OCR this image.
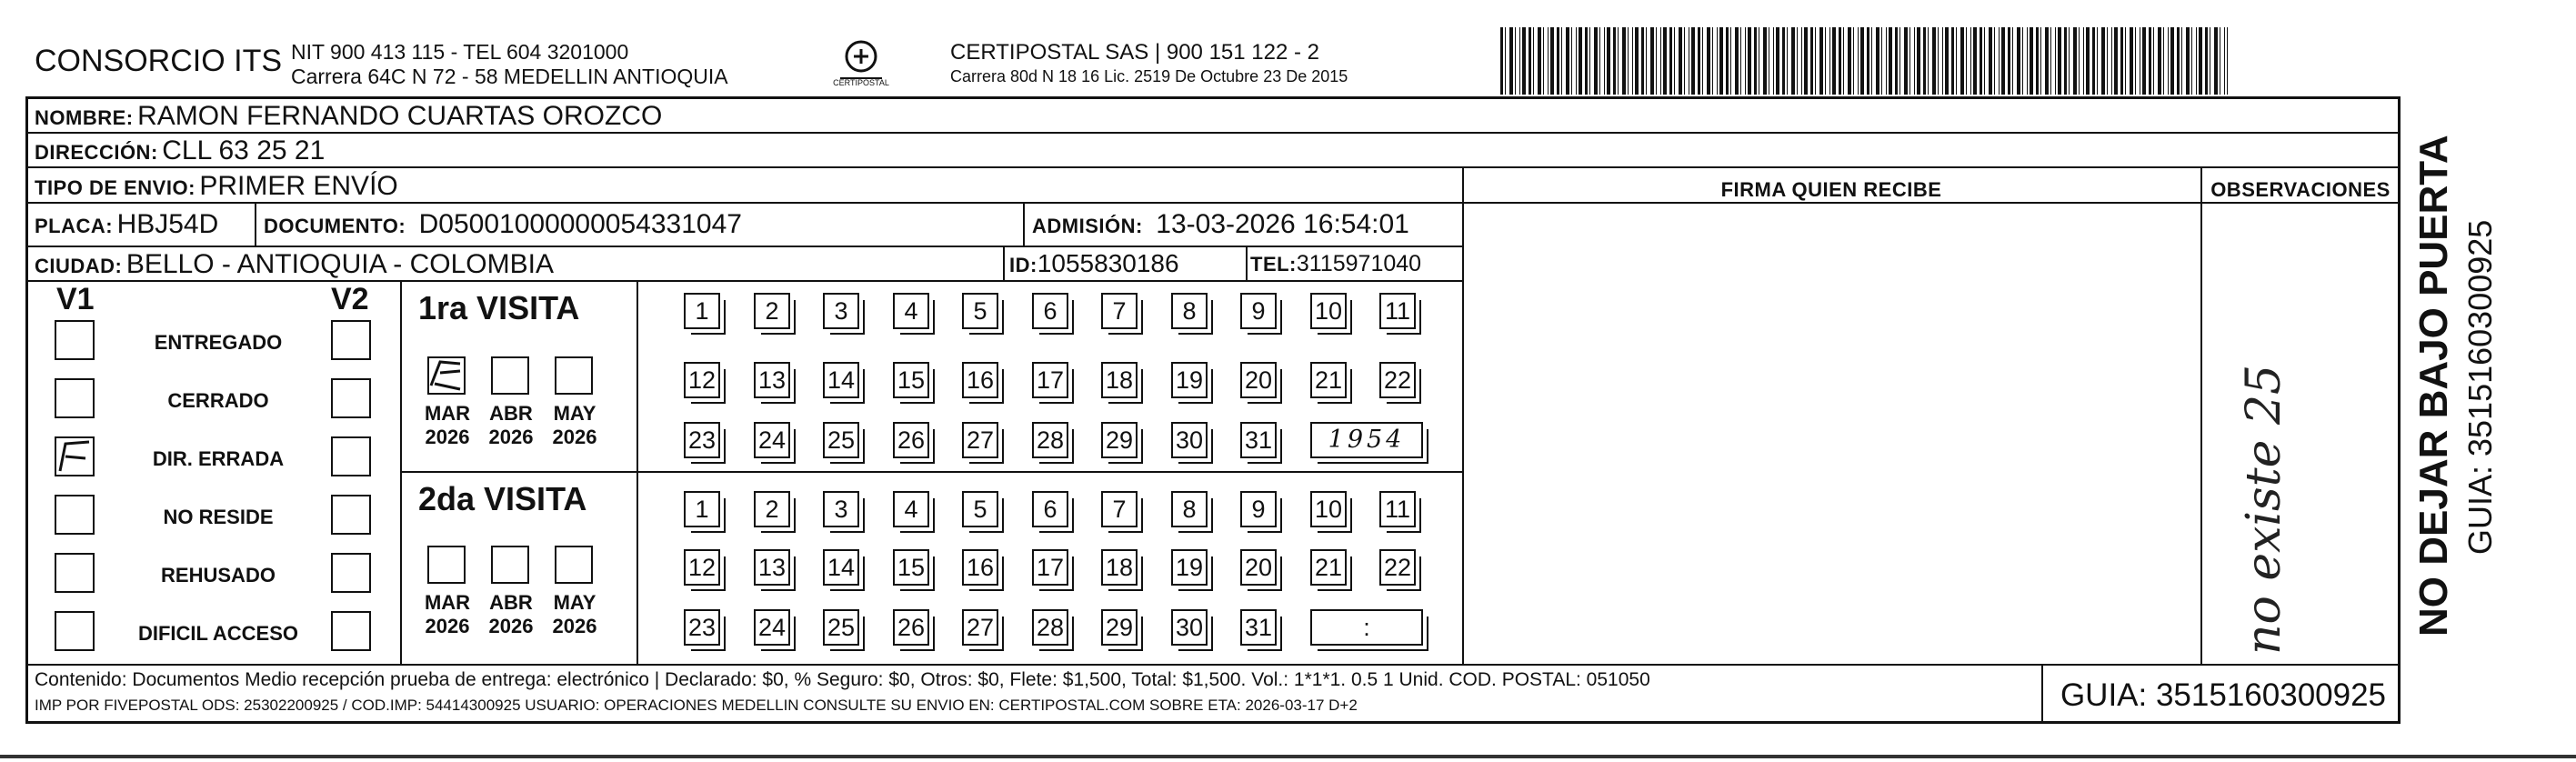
CONSORCIO ITS NIT 900 413 115 - TEL 604 3201000
Carrera 64C N 72 - 58 MEDELLIN ANTIOQUIA	CERTIPOSTAL
CERTIPOSTAL SAS | 900 151 122 - 2
Carrera 80d N 18 16 Lic. 2519 De Octubre 23 De 2015
FIRMA QUIEN RECIBE	OBSERVACIONES
NOMBRE: RAMON FERNANDO CUARTAS OROZCO
DIRECCIÓN: CLL 63 25 21
TIPO DE ENVIO: PRIMER ENVÍO
PLACA: HBJ54D DOCUMENTO: D05001000000054331047	ADMISIÓN: 13-03-2026 16:54:01
CIUDAD: BELLO - ANTIOQUIA - COLOMBIA	ID:1055830186	TEL:3115971040
V1	V2
ENTREGADO
CERRADO
DIR. ERRADA
NO RESIDE
REHUSADO
DIFICIL ACCESO
1ra VISITA
MAR
2026
ABR
2026
MAY
2026
1	2	3	4	5	6	7	8	9	10 11
12 13 14 15 16 17 18 19 20 21 22
23 24 25 26 27 28 29 30 31	1954
2da VISITA
MAR
2026
ABR
2026
MAY
2026
1	2	3	4	5	6	7	8	9	10 11
12 13 14 15 16 17 18 19 20 21 22
23 24 25 26 27 28 29 30 31	:	no existe 25
Contenido: Documentos Medio recepción prueba de entrega: electrónico | Declarado: $0, % Seguro: $0, Otros: $0, Flete: $1,500, Total: $1,500. Vol.: 1*1*1. 0.5 1 Unid. COD. POSTAL: 051050
IMP POR FIVEPOSTAL ODS: 25302200925 / COD.IMP: 54414300925 USUARIO: OPERACIONES MEDELLIN CONSULTE SU ENVIO EN: CERTIPOSTAL.COM SOBRE ETA: 2026-03-17 D+2	GUIA: 3515160300925
NO DEJAR BAJO PUERTA GUIA: 3515160300925
